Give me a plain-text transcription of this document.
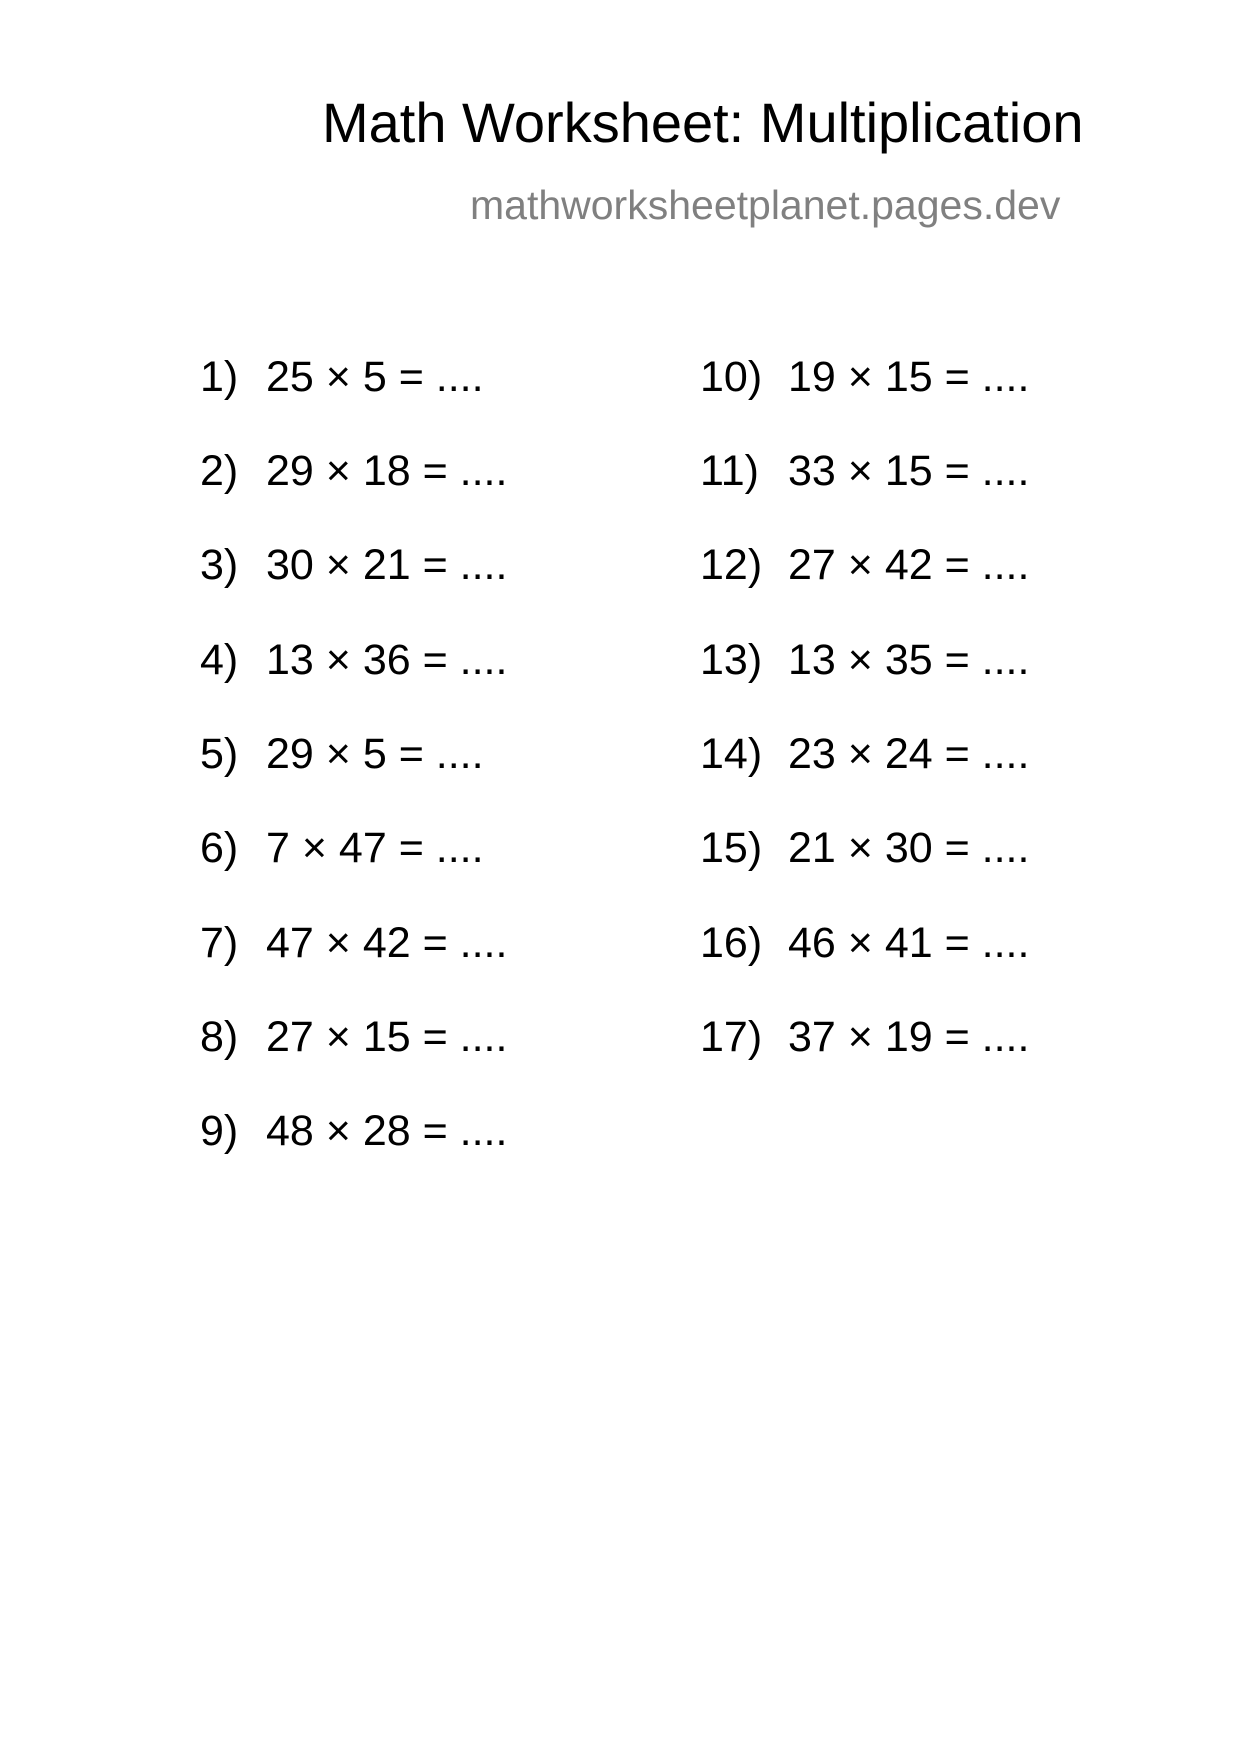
Math Worksheet: Multiplication
mathworksheetplanet.pages.dev
1) 25 × 5 = ....
2) 29 × 18 = ....
3) 30 × 21 = ....
4) 13 × 36 = ....
5) 29 × 5 = ....
6) 7 × 47 = ....
7) 47 × 42 = ....
8) 27 × 15 = ....
9) 48 × 28 = ....
10) 19 × 15 = ....
11) 33 × 15 = ....
12) 27 × 42 = ....
13) 13 × 35 = ....
14) 23 × 24 = ....
15) 21 × 30 = ....
16) 46 × 41 = ....
17) 37 × 19 = ....
